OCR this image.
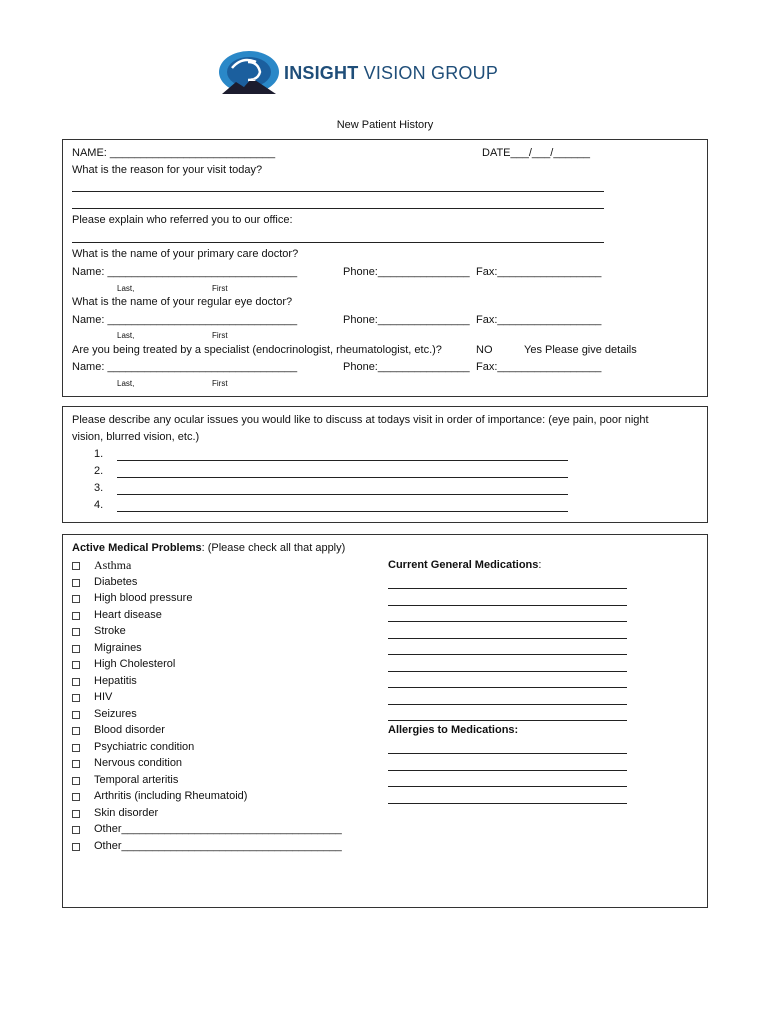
INSIGHT VISION GROUP
New Patient History
NAME: ___________________________	DATE___/___/______
What is the reason for your visit today?
Please explain who referred you to our office:
What is the name of your primary care doctor?
Name: _______________________________	Phone:_______________ Fax:_________________
Last,	First
What is the name of your regular eye doctor?
Name: _______________________________	Phone:_______________ Fax:_________________
Last,	First
Are you being treated by a specialist (endocrinologist, rheumatologist, etc.)?	NO	Yes Please give details
Name: _______________________________	Phone:_______________ Fax:_________________
Last,	First
Please describe any ocular issues you would like to discuss at todays visit in order of importance: (eye pain, poor night
vision, blurred vision, etc.)
1.
2.
3.
4.
Active Medical Problems: (Please check all that apply)
Asthma
Diabetes
High blood pressure
Heart disease
Stroke
Migraines
High Cholesterol
Hepatitis
HIV
Seizures
Blood disorder
Psychiatric condition
Nervous condition
Temporal arteritis
Arthritis (including Rheumatoid)
Skin disorder
Other____________________________________
Other____________________________________
Current General Medications:
Allergies to Medications:
